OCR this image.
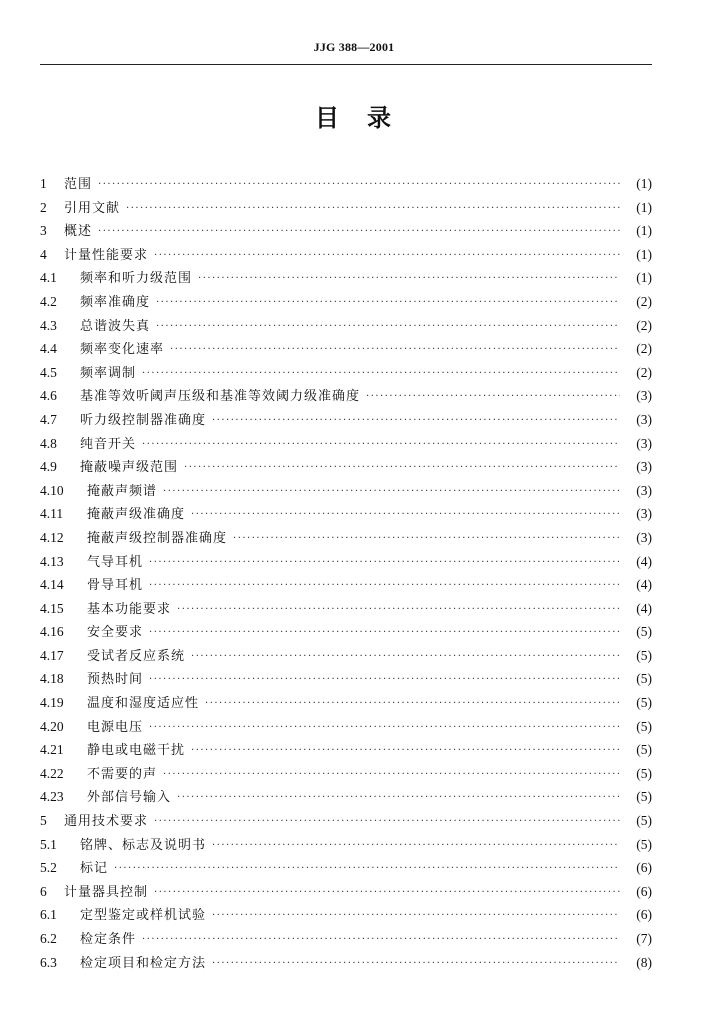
JJG 388—2001
目　录
1	范围 ·····	(1)
2	引用文献 ·····	(1)
3	概述 ·····	(1)
4	计量性能要求 ·····	(1)
4.1	频率和听力级范围 ·····	(1)
4.2	频率准确度 ·····	(2)
4.3	总谐波失真 ·····	(2)
4.4	频率变化速率 ·····	(2)
4.5	频率调制 ·····	(2)
4.6	基准等效听阈声压级和基准等效阈力级准确度 ·····	(3)
4.7	听力级控制器准确度 ·····	(3)
4.8	纯音开关 ·····	(3)
4.9	掩蔽噪声级范围 ·····	(3)
4.10	掩蔽声频谱 ·····	(3)
4.11	掩蔽声级准确度 ·····	(3)
4.12	掩蔽声级控制器准确度 ·····	(3)
4.13	气导耳机 ·····	(4)
4.14	骨导耳机 ·····	(4)
4.15	基本功能要求 ·····	(4)
4.16	安全要求 ·····	(5)
4.17	受试者反应系统 ·····	(5)
4.18	预热时间 ·····	(5)
4.19	温度和湿度适应性 ·····	(5)
4.20	电源电压 ·····	(5)
4.21	静电或电磁干扰 ·····	(5)
4.22	不需要的声 ·····	(5)
4.23	外部信号输入 ·····	(5)
5	通用技术要求 ·····	(5)
5.1	铭牌、标志及说明书 ·····	(5)
5.2	标记 ·····	(6)
6	计量器具控制 ·····	(6)
6.1	定型鉴定或样机试验 ·····	(6)
6.2	检定条件 ·····	(7)
6.3	检定项目和检定方法 ·····	(8)
